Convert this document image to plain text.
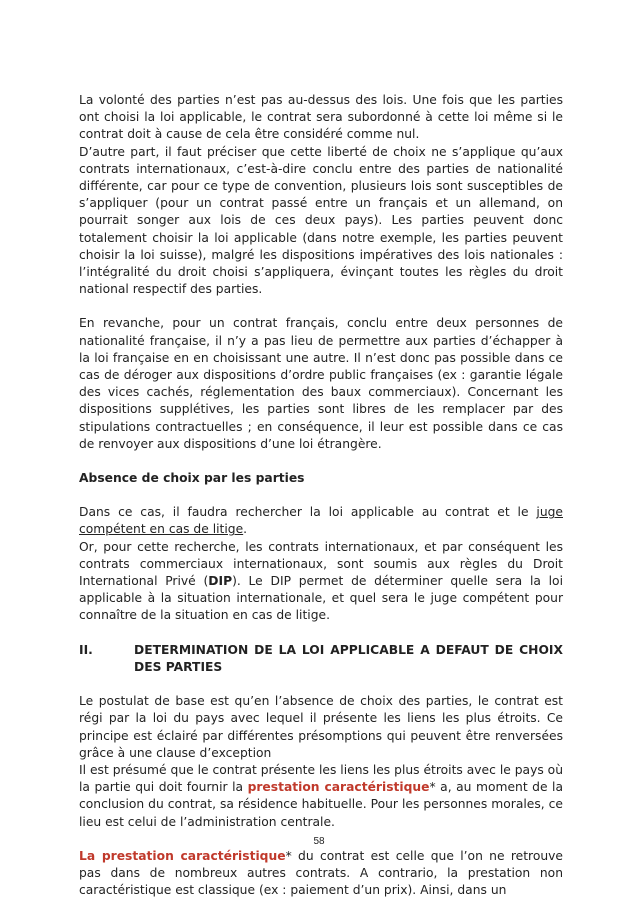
La volonté des parties n’est pas au-dessus des lois. Une fois que les parties ont choisi la loi applicable, le contrat sera subordonné à cette loi même si le contrat doit à cause de cela être considéré comme nul.

D’autre part, il faut préciser que cette liberté de choix ne s’applique qu’aux contrats internationaux, c’est-à-dire conclu entre des parties de nationalité différente, car pour ce type de convention, plusieurs lois sont susceptibles de s’appliquer (pour un contrat passé entre un français et un allemand, on pourrait songer aux lois de ces deux pays). Les parties peuvent donc totalement choisir la loi applicable (dans notre exemple, les parties peuvent choisir la loi suisse), malgré les dispositions impératives des lois nationales : l’intégralité du droit choisi s’appliquera, évinçant toutes les règles du droit national respectif des parties.

En revanche, pour un contrat français, conclu entre deux personnes de nationalité française, il n’y a pas lieu de permettre aux parties d’échapper à la loi française en en choisissant une autre. Il n’est donc pas possible dans ce cas de déroger aux dispositions d’ordre public françaises (ex : garantie légale des vices cachés, réglementation des baux commerciaux). Concernant les dispositions supplétives, les parties sont libres de les remplacer par des stipulations contractuelles ; en conséquence, il leur est possible dans ce cas de renvoyer aux dispositions d’une loi étrangère.

Absence de choix par les parties

Dans ce cas, il faudra rechercher la loi applicable au contrat et le juge compétent en cas de litige.

Or, pour cette recherche, les contrats internationaux, et par conséquent les contrats commerciaux internationaux, sont soumis aux règles du Droit International Privé (DIP). Le DIP permet de déterminer quelle sera la loi applicable à la situation internationale, et quel sera le juge compétent pour connaître de la situation en cas de litige.

II.	DETERMINATION DE LA LOI APPLICABLE A DEFAUT DE CHOIX DES PARTIES

Le postulat de base est qu’en l’absence de choix des parties, le contrat est régi par la loi du pays avec lequel il présente les liens les plus étroits. Ce principe est éclairé par différentes présomptions qui peuvent être renversées grâce à une clause d’exception

Il est présumé que le contrat présente les liens les plus étroits avec le pays où la partie qui doit fournir la prestation caractéristique* a, au moment de la conclusion du contrat, sa résidence habituelle. Pour les personnes morales, ce lieu est celui de l’administration centrale.

La prestation caractéristique* du contrat est celle que l’on ne retrouve pas dans de nombreux autres contrats. A contrario, la prestation non caractéristique est classique (ex : paiement d’un prix). Ainsi, dans un

58
